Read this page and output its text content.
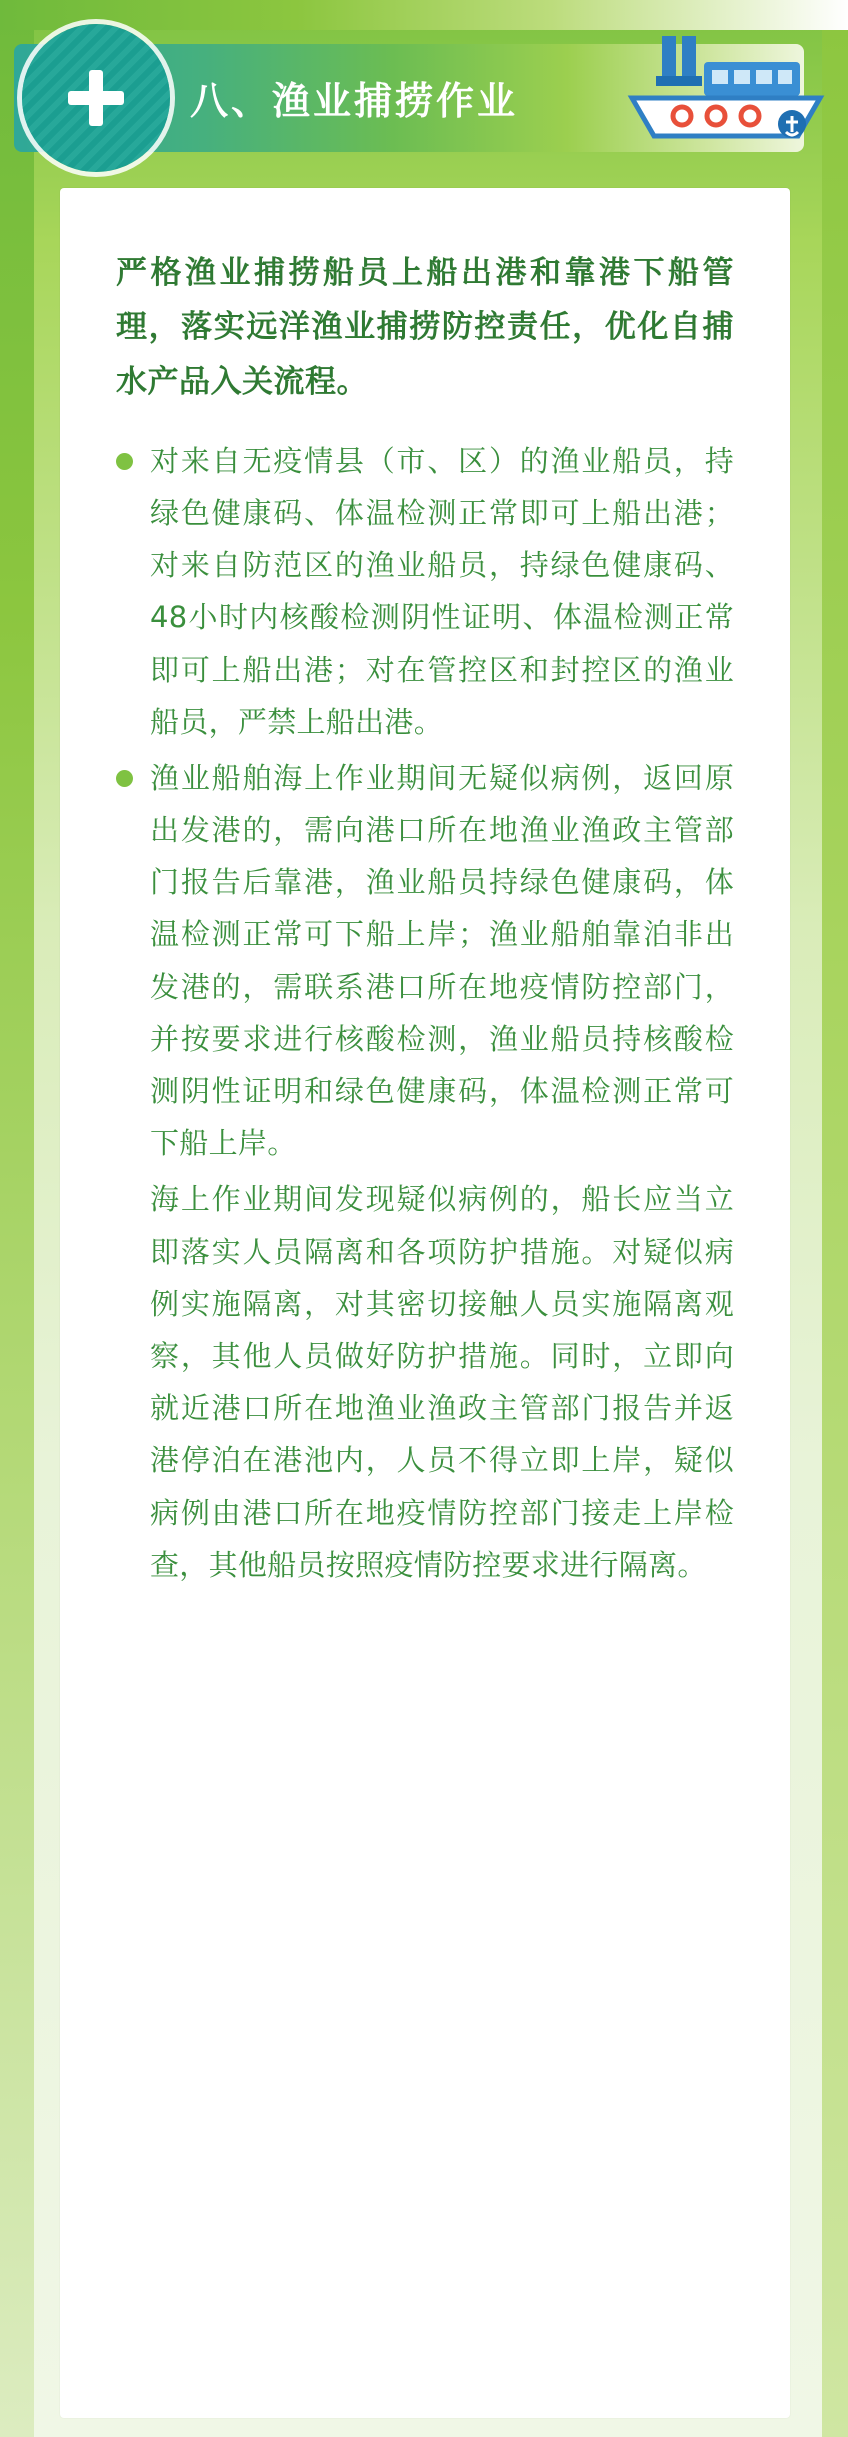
八、渔业捕捞作业

严格渔业捕捞船员上船出港和靠港下船管理，落实远洋渔业捕捞防控责任，优化自捕水产品入关流程。

对来自无疫情县（市、区）的渔业船员，持绿色健康码、体温检测正常即可上船出港；对来自防范区的渔业船员，持绿色健康码、48小时内核酸检测阴性证明、体温检测正常即可上船出港；对在管控区和封控区的渔业船员，严禁上船出港。
渔业船舶海上作业期间无疑似病例，返回原出发港的，需向港口所在地渔业渔政主管部门报告后靠港，渔业船员持绿色健康码，体温检测正常可下船上岸；渔业船舶靠泊非出发港的，需联系港口所在地疫情防控部门，并按要求进行核酸检测，渔业船员持核酸检测阴性证明和绿色健康码，体温检测正常可下船上岸。
海上作业期间发现疑似病例的，船长应当立即落实人员隔离和各项防护措施。对疑似病例实施隔离，对其密切接触人员实施隔离观察，其他人员做好防护措施。同时，立即向就近港口所在地渔业渔政主管部门报告并返港停泊在港池内，人员不得立即上岸，疑似病例由港口所在地疫情防控部门接走上岸检查，其他船员按照疫情防控要求进行隔离。
